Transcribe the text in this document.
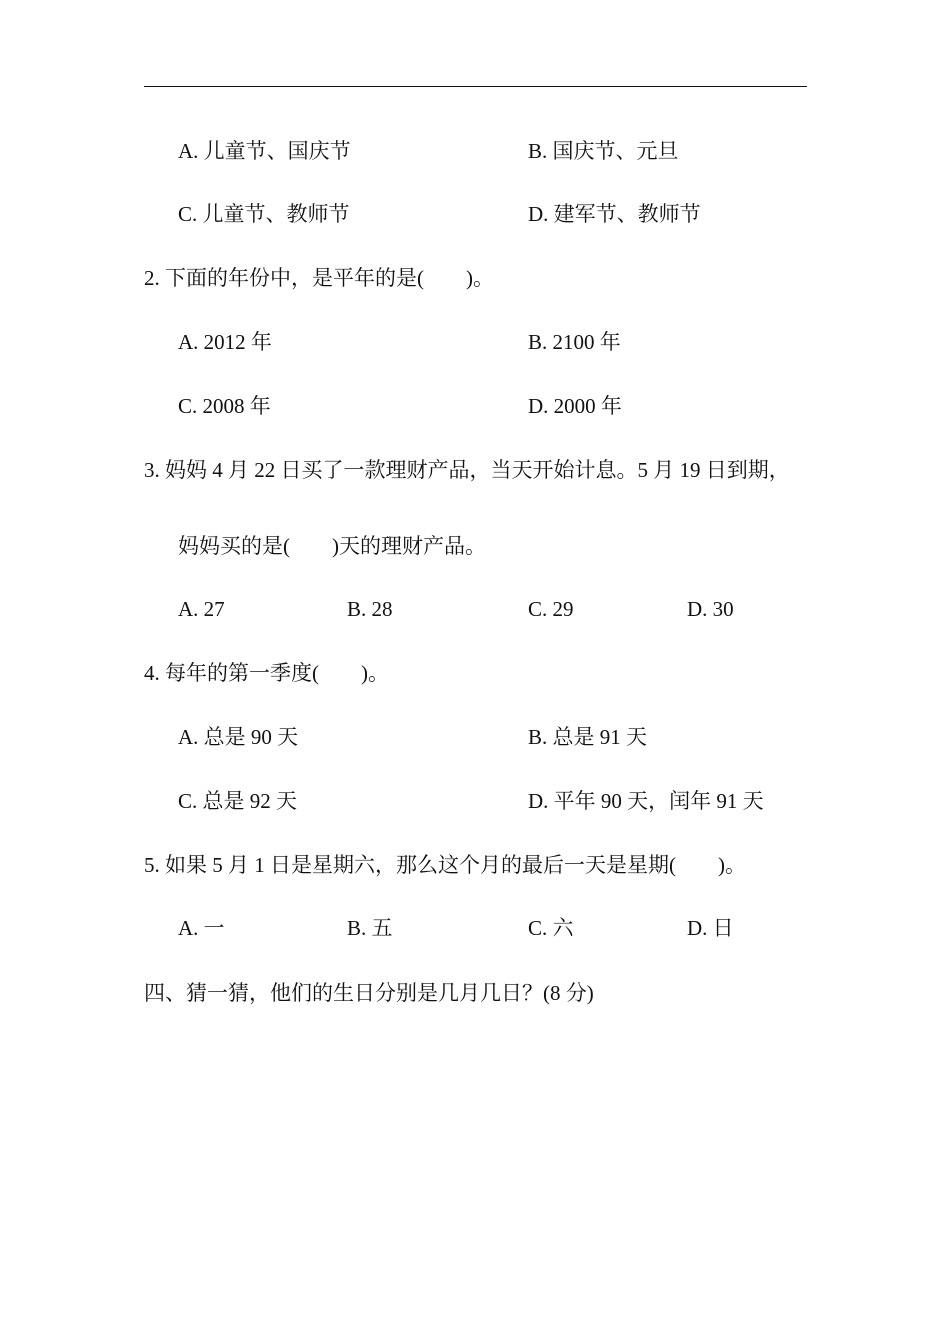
A. 儿童节、国庆节	B. 国庆节、元旦
C. 儿童节、教师节	D. 建军节、教师节
2. 下面的年份中，是平年的是(　　)。
A. 2012 年	B. 2100 年
C. 2008 年	D. 2000 年
3. 妈妈 4 月 22 日买了一款理财产品，当天开始计息。5 月 19 日到期，
妈妈买的是(　　)天的理财产品。
A. 27	B. 28	C. 29	D. 30
4. 每年的第一季度(　　)。
A. 总是 90 天	B. 总是 91 天
C. 总是 92 天	D. 平年 90 天，闰年 91 天
5. 如果 5 月 1 日是星期六，那么这个月的最后一天是星期(　　)。
A. 一	B. 五	C. 六	D. 日
四、猜一猜，他们的生日分别是几月几日？(8 分)
